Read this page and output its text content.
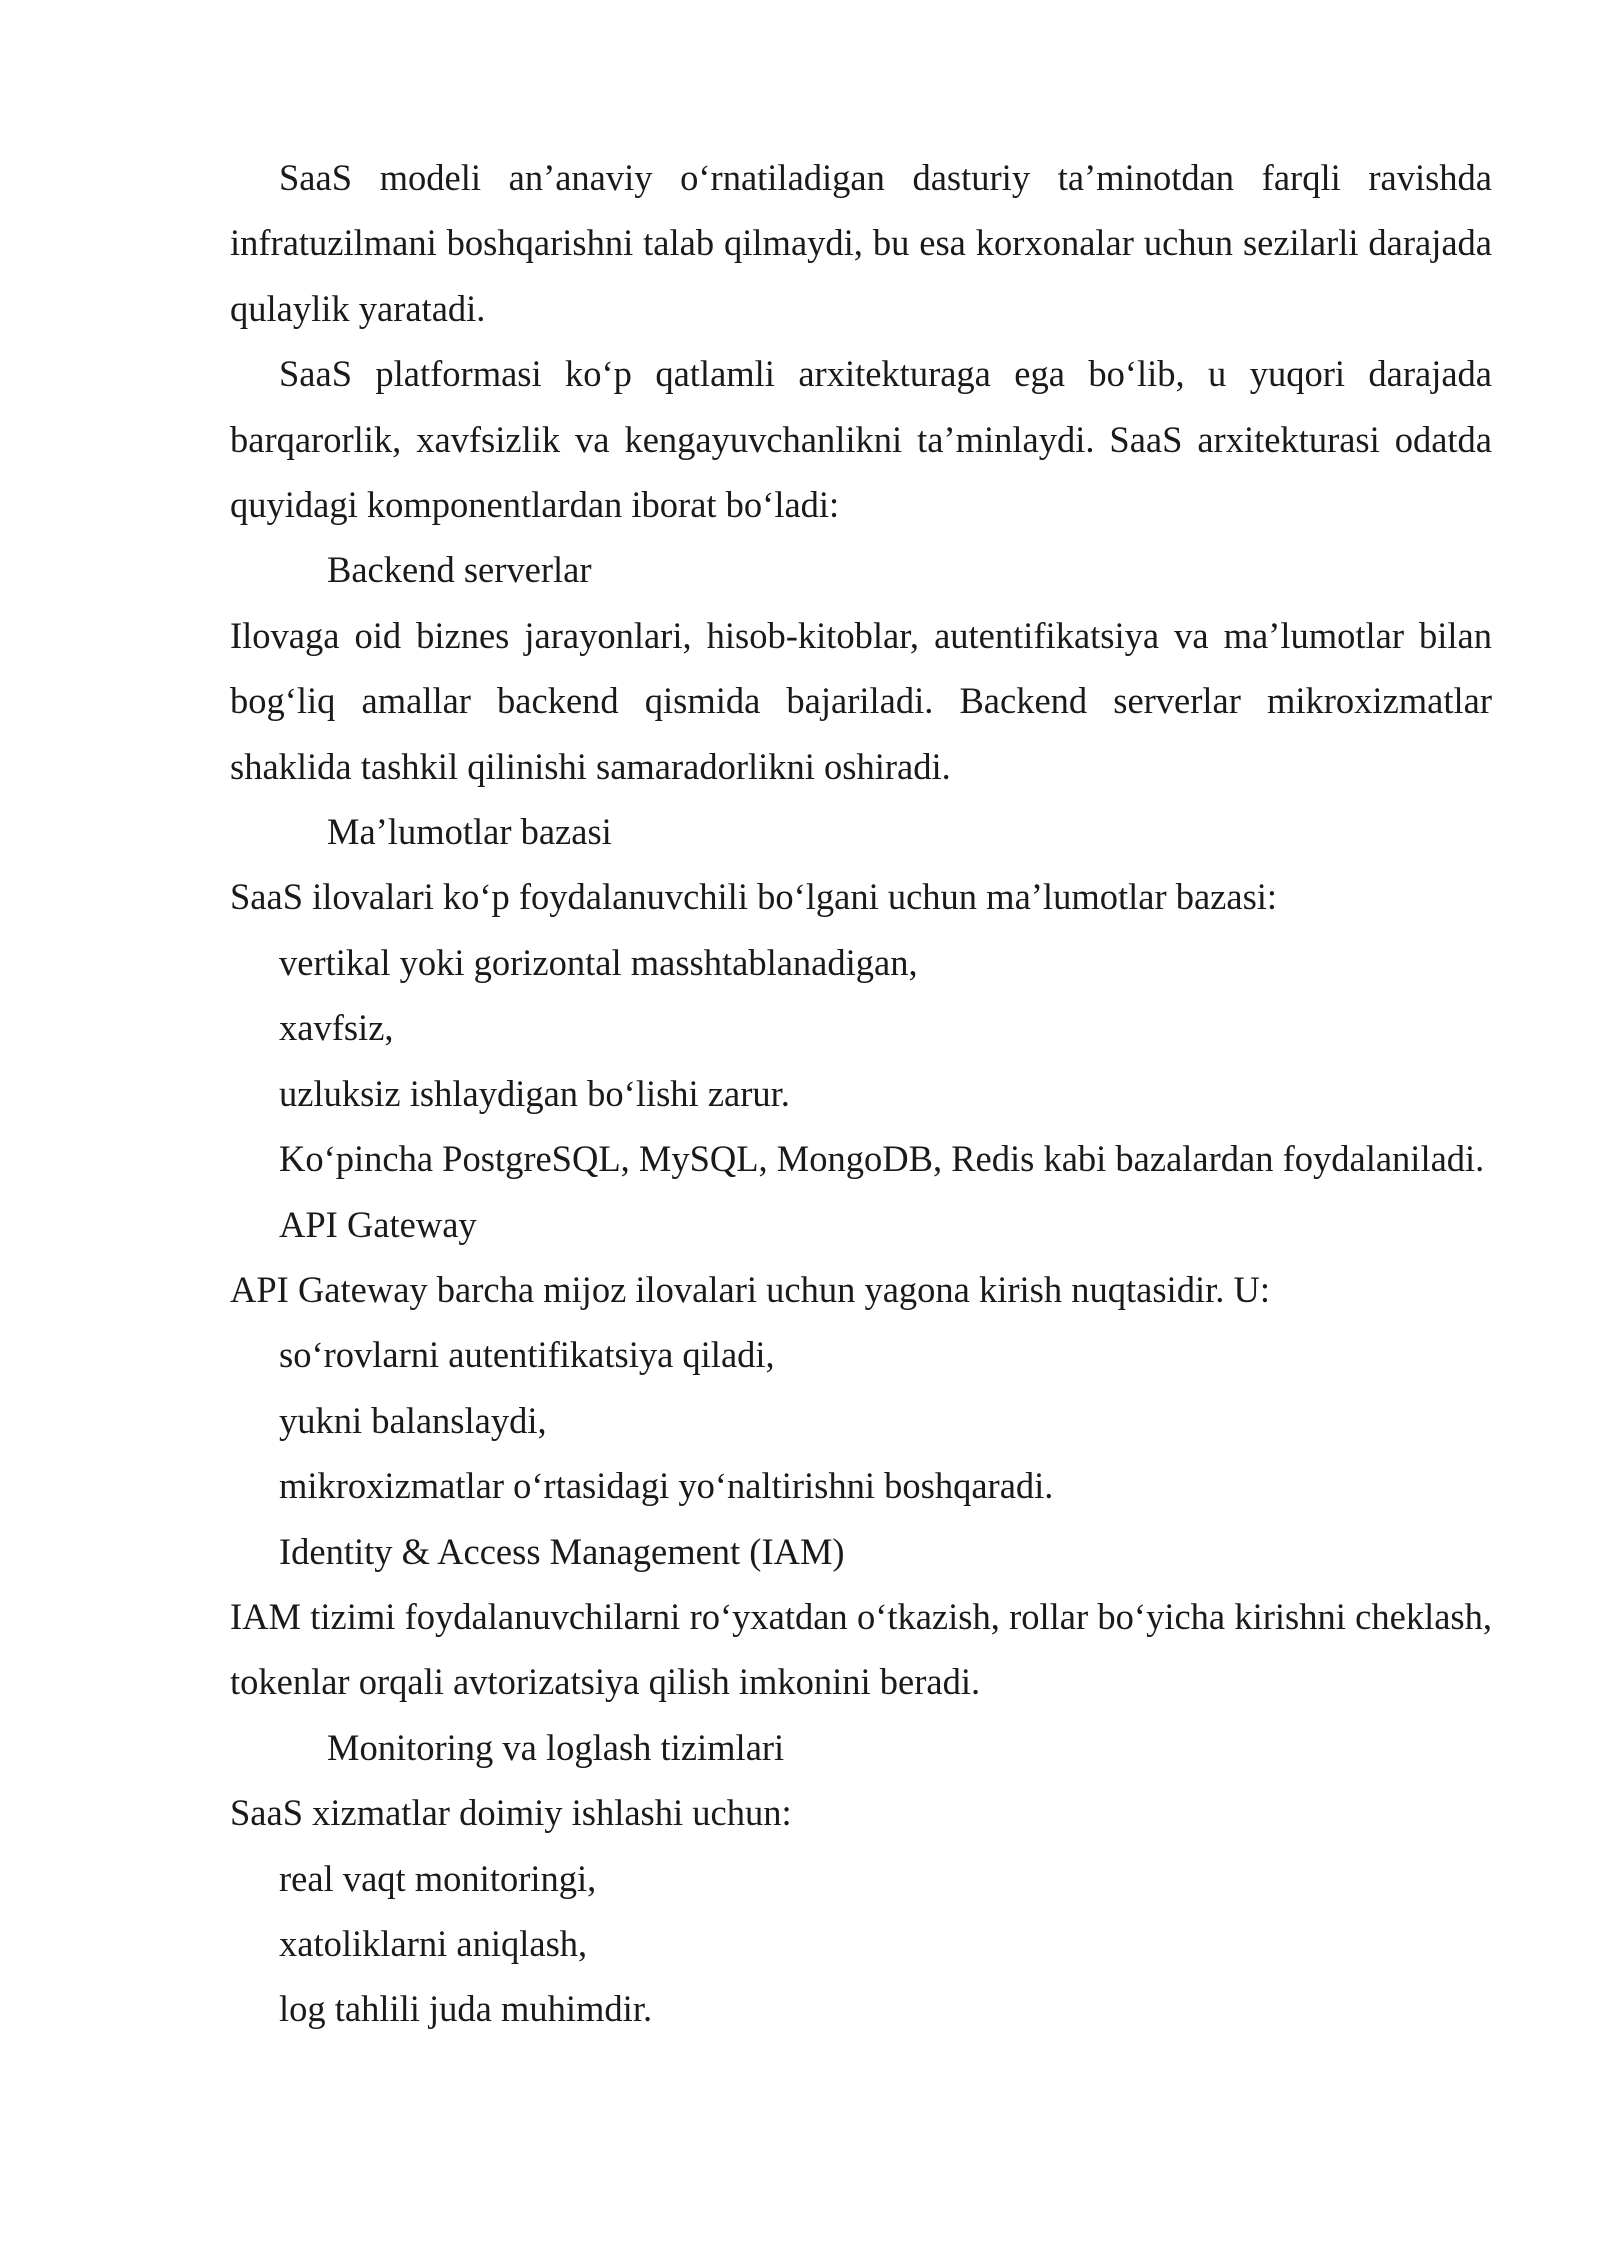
SaaS modeli an’anaviy o‘rnatiladigan dasturiy ta’minotdan farqli ravishda infratuzilmani boshqarishni talab qilmaydi, bu esa korxonalar uchun sezilarli darajada qulaylik yaratadi.

SaaS platformasi ko‘p qatlamli arxitekturaga ega bo‘lib, u yuqori darajada barqarorlik, xavfsizlik va kengayuvchanlikni ta’minlaydi. SaaS arxitekturasi odatda quyidagi komponentlardan iborat bo‘ladi:

Backend serverlar

Ilovaga oid biznes jarayonlari, hisob-kitoblar, autentifikatsiya va ma’lumotlar bilan bog‘liq amallar backend qismida bajariladi. Backend serverlar mikroxizmatlar shaklida tashkil qilinishi samaradorlikni oshiradi.

Ma’lumotlar bazasi

SaaS ilovalari ko‘p foydalanuvchili bo‘lgani uchun ma’lumotlar bazasi:

vertikal yoki gorizontal masshtablanadigan,

xavfsiz,

uzluksiz ishlaydigan bo‘lishi zarur.

Ko‘pincha PostgreSQL, MySQL, MongoDB, Redis kabi bazalardan foydalaniladi.

API Gateway

API Gateway barcha mijoz ilovalari uchun yagona kirish nuqtasidir. U:

so‘rovlarni autentifikatsiya qiladi,

yukni balanslaydi,

mikroxizmatlar o‘rtasidagi yo‘naltirishni boshqaradi.

Identity & Access Management (IAM)

IAM tizimi foydalanuvchilarni ro‘yxatdan o‘tkazish, rollar bo‘yicha kirishni cheklash, tokenlar orqali avtorizatsiya qilish imkonini beradi.

Monitoring va loglash tizimlari

SaaS xizmatlar doimiy ishlashi uchun:

real vaqt monitoringi,

xatoliklarni aniqlash,

log tahlili juda muhimdir.
